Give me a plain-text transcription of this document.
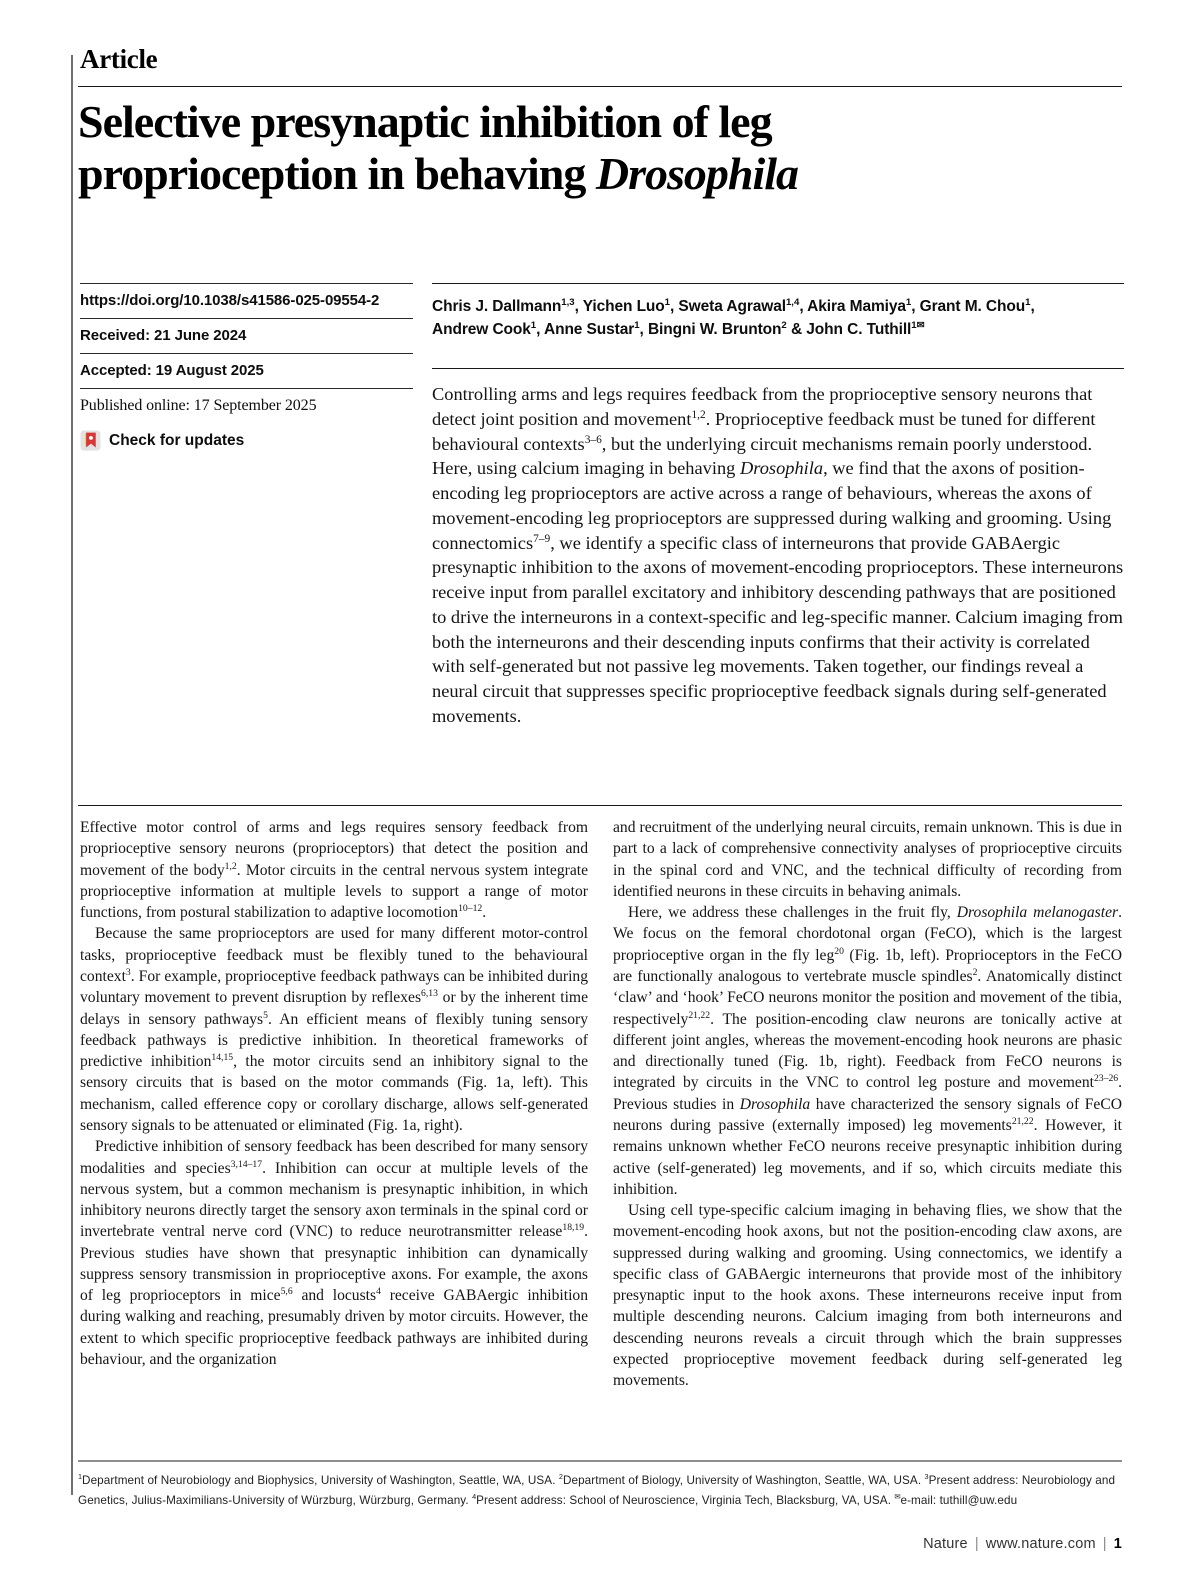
Article
Selective presynaptic inhibition of leg
proprioception in behaving Drosophila
https://doi.org/10.1038/s41586-025-09554-2
Received: 21 June 2024
Accepted: 19 August 2025
Published online: 17 September 2025
Check for updates
Chris J. Dallmann$^{1,3}$, Yichen Luo$^1$, Sweta Agrawal$^{1,4}$, Akira Mamiya$^1$, Grant M. Chou$^1$,
Andrew Cook$^1$, Anne Sustar$^1$, Bingni W. Brunton$^2$ & John C. Tuthill$^{1✉}$
Controlling arms and legs requires feedback from the proprioceptive sensory neurons that detect joint position and movement$^{1,2}$. Proprioceptive feedback must be tuned for different behavioural contexts$^{3-6}$, but the underlying circuit mechanisms remain poorly understood. Here, using calcium imaging in behaving Drosophila, we find that the axons of position-encoding leg proprioceptors are active across a range of behaviours, whereas the axons of movement-encoding leg proprioceptors are suppressed during walking and grooming. Using connectomics$^{7-9}$, we identify a specific class of interneurons that provide GABAergic presynaptic inhibition to the axons of movement-encoding proprioceptors. These interneurons receive input from parallel excitatory and inhibitory descending pathways that are positioned to drive the interneurons in a context-specific and leg-specific manner. Calcium imaging from both the interneurons and their descending inputs confirms that their activity is correlated with self-generated but not passive leg movements. Taken together, our findings reveal a neural circuit that suppresses specific proprioceptive feedback signals during self-generated movements.

Effective motor control of arms and legs requires sensory feedback from proprioceptive sensory neurons (proprioceptors) that detect the position and movement of the body$^{1,2}$. Motor circuits in the central nervous system integrate proprioceptive information at multiple levels to support a range of motor functions, from postural stabilization to adaptive locomotion$^{10-12}$.

Because the same proprioceptors are used for many different motor-control tasks, proprioceptive feedback must be flexibly tuned to the behavioural context$^3$. For example, proprioceptive feedback pathways can be inhibited during voluntary movement to prevent disruption by reflexes$^{6,13}$ or by the inherent time delays in sensory pathways$^5$. An efficient means of flexibly tuning sensory feedback pathways is predictive inhibition. In theoretical frameworks of predictive inhibition$^{14,15}$, the motor circuits send an inhibitory signal to the sensory circuits that is based on the motor commands (Fig. 1a, left). This mechanism, called efference copy or corollary discharge, allows self-generated sensory signals to be attenuated or eliminated (Fig. 1a, right).

Predictive inhibition of sensory feedback has been described for many sensory modalities and species$^{3,14-17}$. Inhibition can occur at multiple levels of the nervous system, but a common mechanism is presynaptic inhibition, in which inhibitory neurons directly target the sensory axon terminals in the spinal cord or invertebrate ventral nerve cord (VNC) to reduce neurotransmitter release$^{18,19}$. Previous studies have shown that presynaptic inhibition can dynamically suppress sensory transmission in proprioceptive axons. For example, the axons of leg proprioceptors in mice$^{5,6}$ and locusts$^4$ receive GABAergic inhibition during walking and reaching, presumably driven by motor circuits. However, the extent to which specific proprioceptive feedback pathways are inhibited during behaviour, and the organization

and recruitment of the underlying neural circuits, remain unknown. This is due in part to a lack of comprehensive connectivity analyses of proprioceptive circuits in the spinal cord and VNC, and the technical difficulty of recording from identified neurons in these circuits in behaving animals.

Here, we address these challenges in the fruit fly, Drosophila melanogaster. We focus on the femoral chordotonal organ (FeCO), which is the largest proprioceptive organ in the fly leg$^{20}$ (Fig. 1b, left). Proprioceptors in the FeCO are functionally analogous to vertebrate muscle spindles$^2$. Anatomically distinct ‘claw’ and ‘hook’ FeCO neurons monitor the position and movement of the tibia, respectively$^{21,22}$. The position-encoding claw neurons are tonically active at different joint angles, whereas the movement-encoding hook neurons are phasic and directionally tuned (Fig. 1b, right). Feedback from FeCO neurons is integrated by circuits in the VNC to control leg posture and movement$^{23-26}$. Previous studies in Drosophila have characterized the sensory signals of FeCO neurons during passive (externally imposed) leg movements$^{21,22}$. However, it remains unknown whether FeCO neurons receive presynaptic inhibition during active (self-generated) leg movements, and if so, which circuits mediate this inhibition.

Using cell type-specific calcium imaging in behaving flies, we show that the movement-encoding hook axons, but not the position-encoding claw axons, are suppressed during walking and grooming. Using connectomics, we identify a specific class of GABAergic interneurons that provide most of the inhibitory presynaptic input to the hook axons. These interneurons receive input from multiple descending neurons. Calcium imaging from both interneurons and descending neurons reveals a circuit through which the brain suppresses expected proprioceptive movement feedback during self-generated leg movements.

$^1$Department of Neurobiology and Biophysics, University of Washington, Seattle, WA, USA. $^2$Department of Biology, University of Washington, Seattle, WA, USA. $^3$Present address: Neurobiology and Genetics, Julius-Maximilians-University of Würzburg, Würzburg, Germany. $^4$Present address: School of Neuroscience, Virginia Tech, Blacksburg, VA, USA. ✉e-mail: tuthill@uw.edu
Nature | www.nature.com | 1
